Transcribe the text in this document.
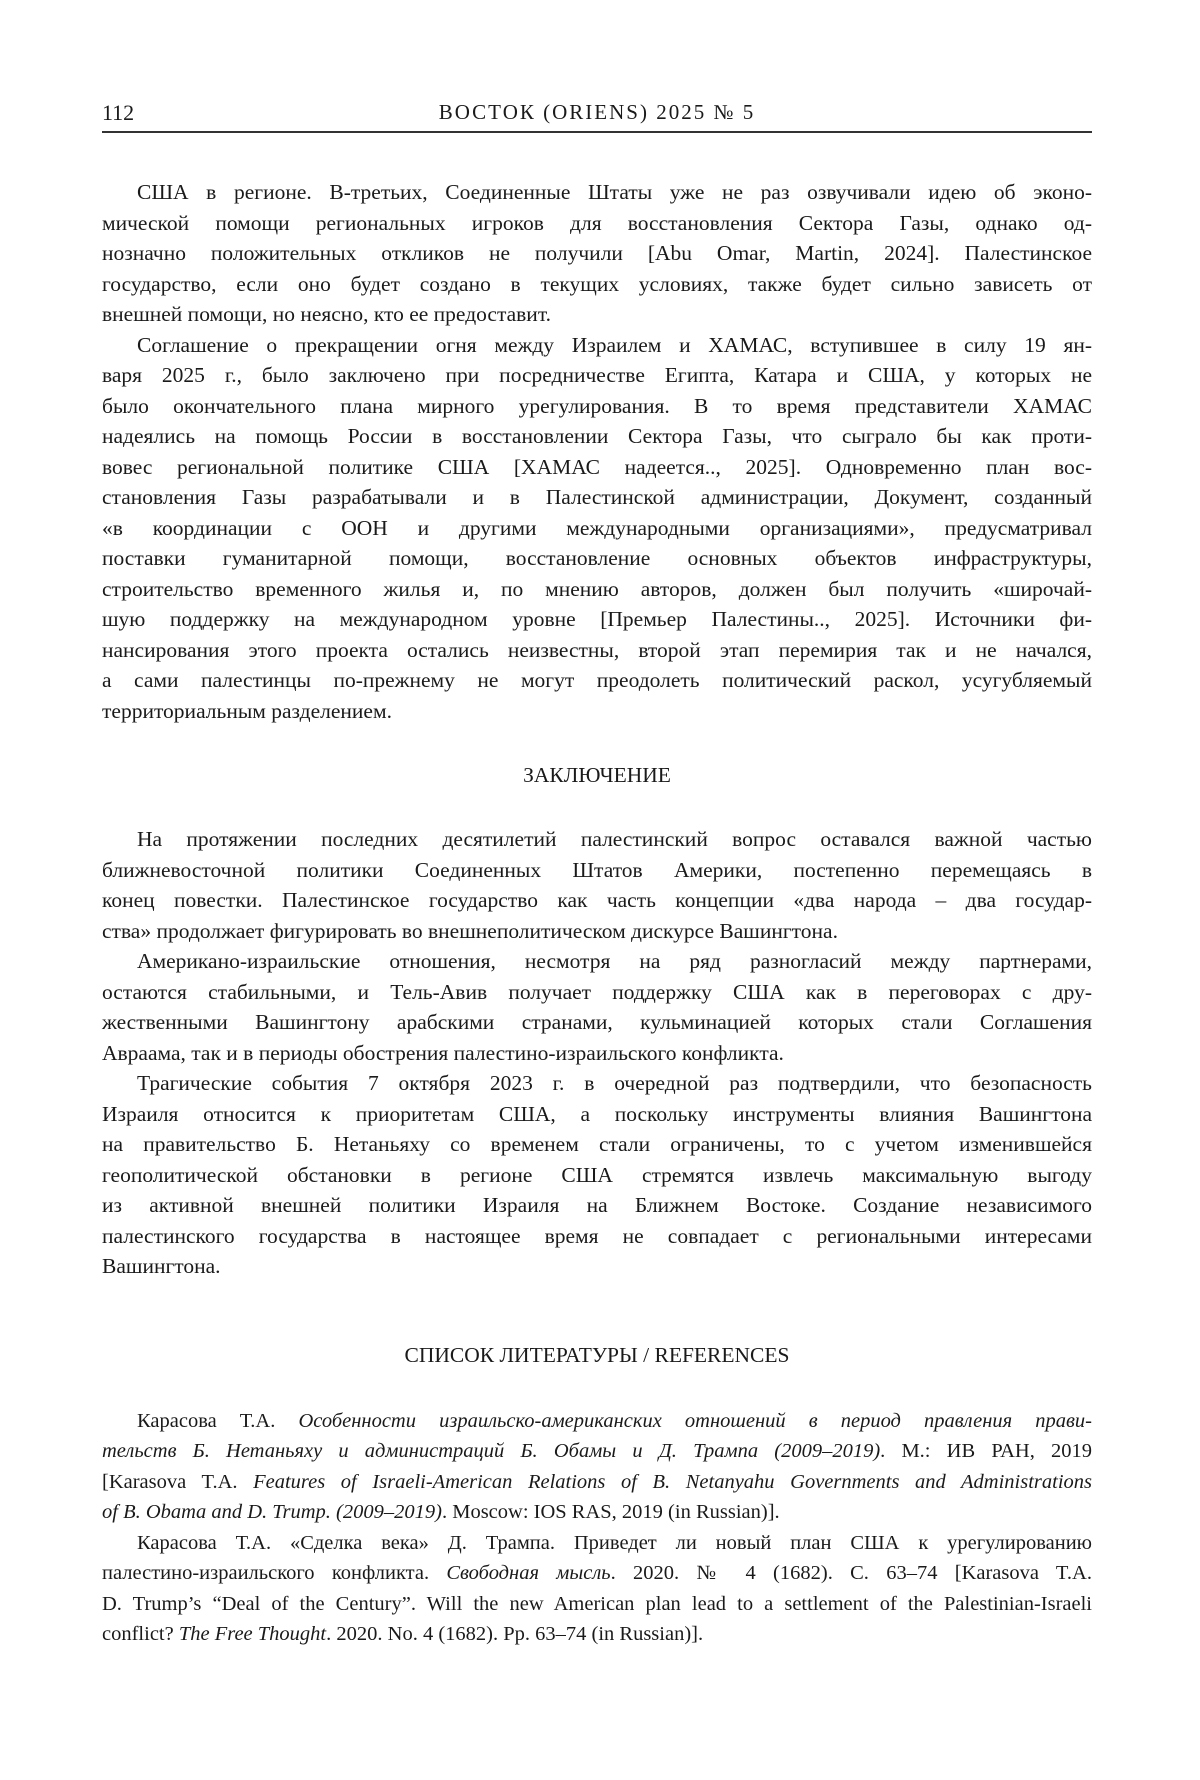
112	ВОСТОК (ORIENS) 2025 № 5
США в регионе. В-третьих, Соединенные Штаты уже не раз озвучивали идею об эконо-
мической помощи региональных игроков для восстановления Сектора Газы, однако од-
нозначно положительных откликов не получили [Abu Omar, Martin, 2024]. Палестинское
государство, если оно будет создано в текущих условиях, также будет сильно зависеть от
внешней помощи, но неясно, кто ее предоставит.
Соглашение о прекращении огня между Израилем и ХАМАС, вступившее в силу 19 ян-
варя 2025 г., было заключено при посредничестве Египта, Катара и США, у которых не
было окончательного плана мирного урегулирования. В то время представители ХАМАС
надеялись на помощь России в восстановлении Сектора Газы, что сыграло бы как проти-
вовес региональной политике США [ХАМАС надеется.., 2025]. Одновременно план вос-
становления Газы разрабатывали и в Палестинской администрации, Документ, созданный
«в координации с ООН и другими международными организациями», предусматривал
поставки гуманитарной помощи, восстановление основных объектов инфраструктуры,
строительство временного жилья и, по мнению авторов, должен был получить «широчай-
шую поддержку на международном уровне [Премьер Палестины.., 2025]. Источники фи-
нансирования этого проекта остались неизвестны, второй этап перемирия так и не начался,
а сами палестинцы по-прежнему не могут преодолеть политический раскол, усугубляемый
территориальным разделением.
ЗАКЛЮЧЕНИЕ
На протяжении последних десятилетий палестинский вопрос оставался важной частью
ближневосточной политики Соединенных Штатов Америки, постепенно перемещаясь в
конец повестки. Палестинское государство как часть концепции «два народа – два государ-
ства» продолжает фигурировать во внешнеполитическом дискурсе Вашингтона.
Американо-израильские отношения, несмотря на ряд разногласий между партнерами,
остаются стабильными, и Тель-Авив получает поддержку США как в переговорах с дру-
жественными Вашингтону арабскими странами, кульминацией которых стали Соглашения
Авраама, так и в периоды обострения палестино-израильского конфликта.
Трагические события 7 октября 2023 г. в очередной раз подтвердили, что безопасность
Израиля относится к приоритетам США, а поскольку инструменты влияния Вашингтона
на правительство Б. Нетаньяху со временем стали ограничены, то с учетом изменившейся
геополитической обстановки в регионе США стремятся извлечь максимальную выгоду
из активной внешней политики Израиля на Ближнем Востоке. Создание независимого
палестинского государства в настоящее время не совпадает с региональными интересами
Вашингтона.
СПИСОК ЛИТЕРАТУРЫ / REFERENCES
Карасова Т.А. Особенности израильско-американских отношений в период правления прави-
тельств Б. Нетаньяху и администраций Б. Обамы и Д. Трампа (2009–2019). М.: ИВ РАН, 2019
[Karasova T.A. Features of Israeli-American Relations of B. Netanyahu Governments and Administrations
of B. Obama and D. Trump. (2009–2019). Moscow: IOS RAS, 2019 (in Russian)].
Карасова Т.А. «Сделка века» Д. Трампа. Приведет ли новый план США к урегулированию
палестино-израильского конфликта. Свободная мысль. 2020. № 4 (1682). С. 63–74 [Karasova T.A.
D. Trump’s “Deal of the Century”. Will the new American plan lead to a settlement of the Palestinian-Israeli
conflict? The Free Thought. 2020. No. 4 (1682). Pp. 63–74 (in Russian)].
